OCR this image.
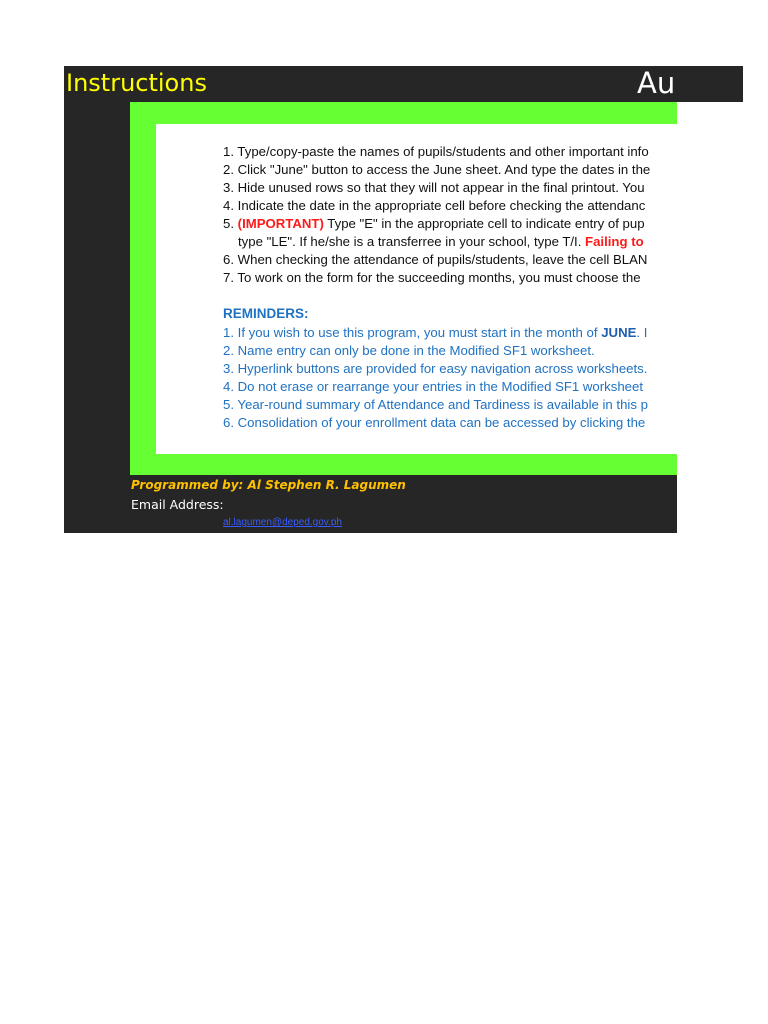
Instructions	Au
1. Type/copy-paste the names of pupils/students and other important info
2. Click "June" button to access the June sheet. And type the dates in the
3. Hide unused rows so that they will not appear in the final printout. You
4. Indicate the date in the appropriate cell before checking the attendanc
5. (IMPORTANT) Type "E" in the appropriate cell to indicate entry of pup
type "LE". If he/she is a transferree in your school, type T/I. Failing to
6. When checking the attendance of pupils/students, leave the cell BLAN
7. To work on the form for the succeeding months, you must choose the
REMINDERS:
1. If you wish to use this program, you must start in the month of JUNE. I
2. Name entry can only be done in the Modified SF1 worksheet.
3. Hyperlink buttons are provided for easy navigation across worksheets.
4. Do not erase or rearrange your entries in the Modified SF1 worksheet
5. Year-round summary of Attendance and Tardiness is available in this p
6. Consolidation of your enrollment data can be accessed by clicking the
Programmed by: Al Stephen R. Lagumen
Email Address:
al.lagumen@deped.gov.ph
